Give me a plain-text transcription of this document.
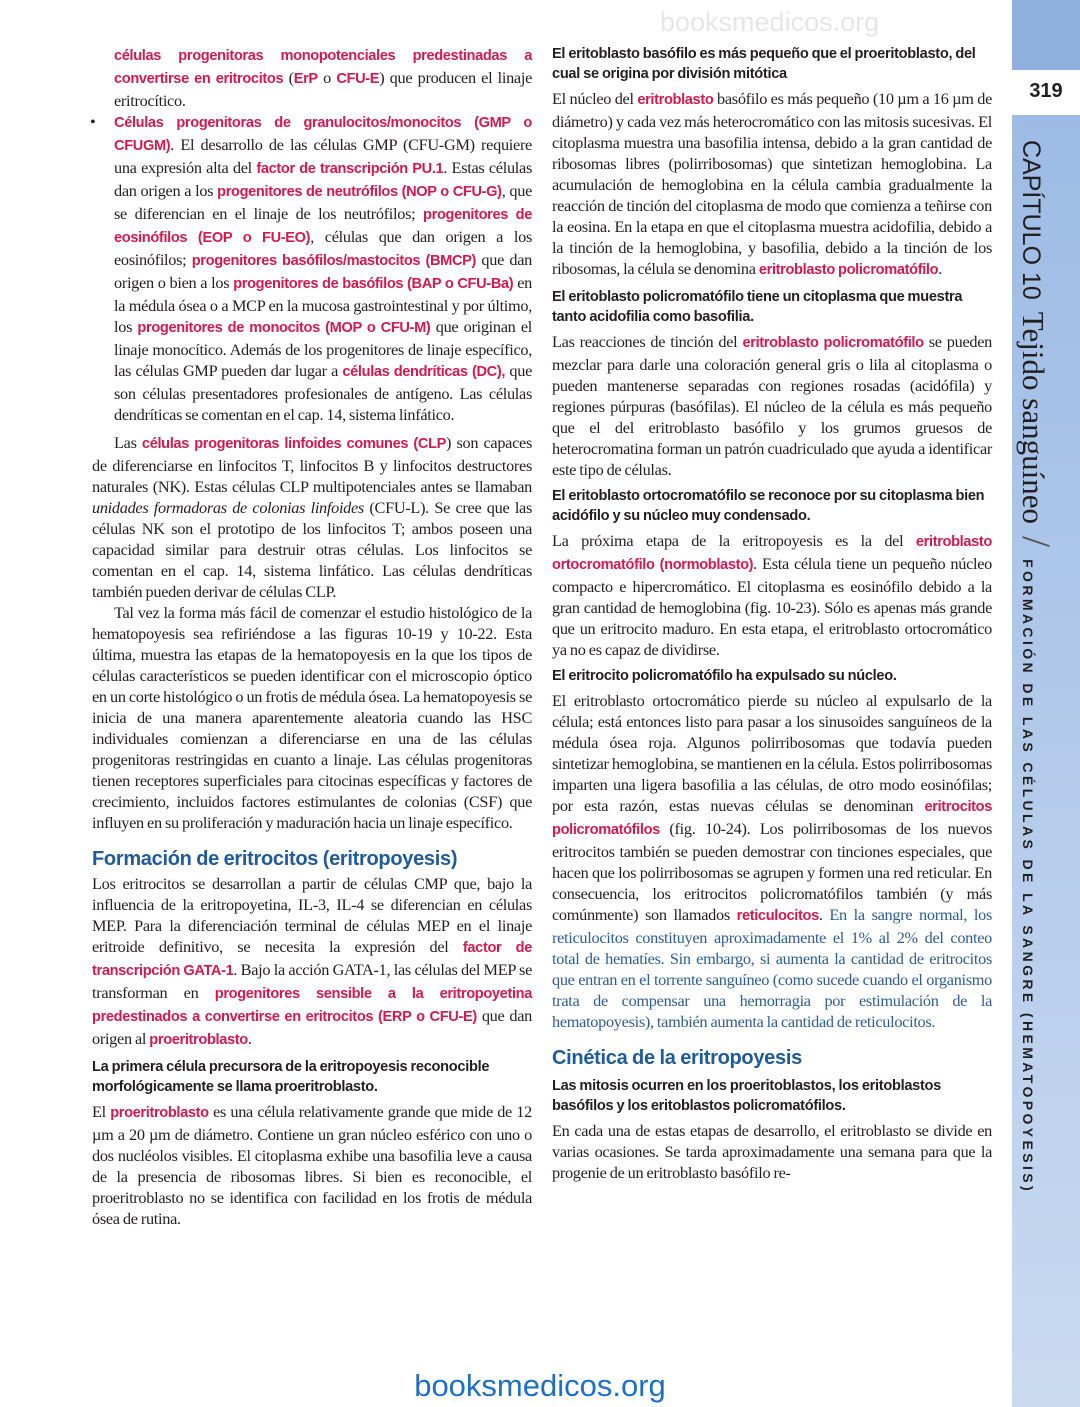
319
CAPÍTULO 10
Tejido sanguíneo
/
FORMACIÓN DE LAS CÉLULAS DE LA SANGRE (HEMATOPOYESIS)
booksmedicos.org

células progenitoras monopotenciales predestinadas a convertirse en eritrocitos (ErP o CFU-E) que producen el linaje eritrocítico.

• Células progenitoras de granulocitos/monocitos (GMP o CFUGM). El desarrollo de las células GMP (CFU-GM) requiere una expresión alta del factor de transcripción PU.1. Estas células dan origen a los progenitores de neutrófilos (NOP o CFU-G), que se diferencian en el linaje de los neutrófilos; progenitores de eosinófilos (EOP o FU-EO), células que dan origen a los eosinófilos; progenitores basófilos/mastocitos (BMCP) que dan origen o bien a los progenitores de basófilos (BAP o CFU-Ba) en la médula ósea o a MCP en la mucosa gastrointestinal y por último, los progenitores de monocitos (MOP o CFU-M) que originan el linaje monocítico. Además de los progenitores de linaje específico, las células GMP pueden dar lugar a células dendríticas (DC), que son células presentadores profesionales de antígeno. Las células dendríticas se comentan en el cap. 14, sistema linfático.

Las células progenitoras linfoides comunes (CLP) son capaces de diferenciarse en linfocitos T, linfocitos B y linfocitos destructores naturales (NK). Estas células CLP multipotenciales antes se llamaban unidades formadoras de colonias linfoides (CFU-L). Se cree que las células NK son el prototipo de los linfocitos T; ambos poseen una capacidad similar para destruir otras células. Los linfocitos se comentan en el cap. 14, sistema linfático. Las células dendríticas también pueden derivar de células CLP.

Tal vez la forma más fácil de comenzar el estudio histológico de la hematopoyesis sea refiriéndose a las figuras 10-19 y 10-22. Esta última, muestra las etapas de la hematopoyesis en la que los tipos de células característicos se pueden identificar con el microscopio óptico en un corte histológico o un frotis de médula ósea. La hematopoyesis se inicia de una manera aparentemente aleatoria cuando las HSC individuales comienzan a diferenciarse en una de las células progenitoras restringidas en cuanto a linaje. Las células progenitoras tienen receptores superficiales para citocinas específicas y factores de crecimiento, incluidos factores estimulantes de colonias (CSF) que influyen en su proliferación y maduración hacia un linaje específico.

Formación de eritrocitos (eritropoyesis)

Los eritrocitos se desarrollan a partir de células CMP que, bajo la influencia de la eritropoyetina, IL-3, IL-4 se diferencian en células MEP. Para la diferenciación terminal de células MEP en el linaje eritroide definitivo, se necesita la expresión del factor de transcripción GATA-1. Bajo la acción GATA-1, las células del MEP se transforman en progenitores sensible a la eritropoyetina predestinados a convertirse en eritrocitos (ERP o CFU-E) que dan origen al proeritroblasto.

La primera célula precursora de la eritropoyesis reconocible morfológicamente se llama proeritroblasto.

El proeritroblasto es una célula relativamente grande que mide de 12 µm a 20 µm de diámetro. Contiene un gran núcleo esférico con uno o dos nucléolos visibles. El citoplasma exhibe una basofilia leve a causa de la presencia de ribosomas libres. Si bien es reconocible, el proeritroblasto no se identifica con facilidad en los frotis de médula ósea de rutina.

El eritoblasto basófilo es más pequeño que el proeritoblasto, del cual se origina por división mitótica

El núcleo del eritroblasto basófilo es más pequeño (10 µm a 16 µm de diámetro) y cada vez más heterocromático con las mitosis sucesivas. El citoplasma muestra una basofilia intensa, debido a la gran cantidad de ribosomas libres (polirribosomas) que sintetizan hemoglobina. La acumulación de hemoglobina en la célula cambia gradualmente la reacción de tinción del citoplasma de modo que comienza a teñirse con la eosina. En la etapa en que el citoplasma muestra acidofilia, debido a la tinción de la hemoglobina, y basofilia, debido a la tinción de los ribosomas, la célula se denomina eritroblasto policromatófilo.

El eritoblasto policromatófilo tiene un citoplasma que muestra tanto acidofilia como basofilia.

Las reacciones de tinción del eritroblasto policromatófilo se pueden mezclar para darle una coloración general gris o lila al citoplasma o pueden mantenerse separadas con regiones rosadas (acidófila) y regiones púrpuras (basófilas). El núcleo de la célula es más pequeño que el del eritroblasto basófilo y los grumos gruesos de heterocromatina forman un patrón cuadriculado que ayuda a identificar este tipo de células.

El eritoblasto ortocromatófilo se reconoce por su citoplasma bien acidófilo y su núcleo muy condensado.

La próxima etapa de la eritropoyesis es la del eritroblasto ortocromatófilo (normoblasto). Esta célula tiene un pequeño núcleo compacto e hipercromático. El citoplasma es eosinófilo debido a la gran cantidad de hemoglobina (fig. 10-23). Sólo es apenas más grande que un eritrocito maduro. En esta etapa, el eritroblasto ortocromático ya no es capaz de dividirse.

El eritrocito policromatófilo ha expulsado su núcleo.

El eritroblasto ortocromático pierde su núcleo al expulsarlo de la célula; está entonces listo para pasar a los sinusoides sanguíneos de la médula ósea roja. Algunos polirribosomas que todavía pueden sintetizar hemoglobina, se mantienen en la célula. Estos polirribosomas imparten una ligera basofilia a las células, de otro modo eosinófilas; por esta razón, estas nuevas células se denominan eritrocitos policromatófilos (fig. 10-24). Los polirribosomas de los nuevos eritrocitos también se pueden demostrar con tinciones especiales, que hacen que los polirribosomas se agrupen y formen una red reticular. En consecuencia, los eritrocitos policromatófilos también (y más comúnmente) son llamados reticulocitos. En la sangre normal, los reticulocitos constituyen aproximadamente el 1% al 2% del conteo total de hematíes. Sin embargo, si aumenta la cantidad de eritrocitos que entran en el torrente sanguíneo (como sucede cuando el organismo trata de compensar una hemorragia por estimulación de la hematopoyesis), también aumenta la cantidad de reticulocitos.

Cinética de la eritropoyesis

Las mitosis ocurren en los proeritoblastos, los eritoblastos basófilos y los eritoblastos policromatófilos.

En cada una de estas etapas de desarrollo, el eritroblasto se divide en varias ocasiones. Se tarda aproximadamente una semana para que la progenie de un eritroblasto basófilo re-

booksmedicos.org
